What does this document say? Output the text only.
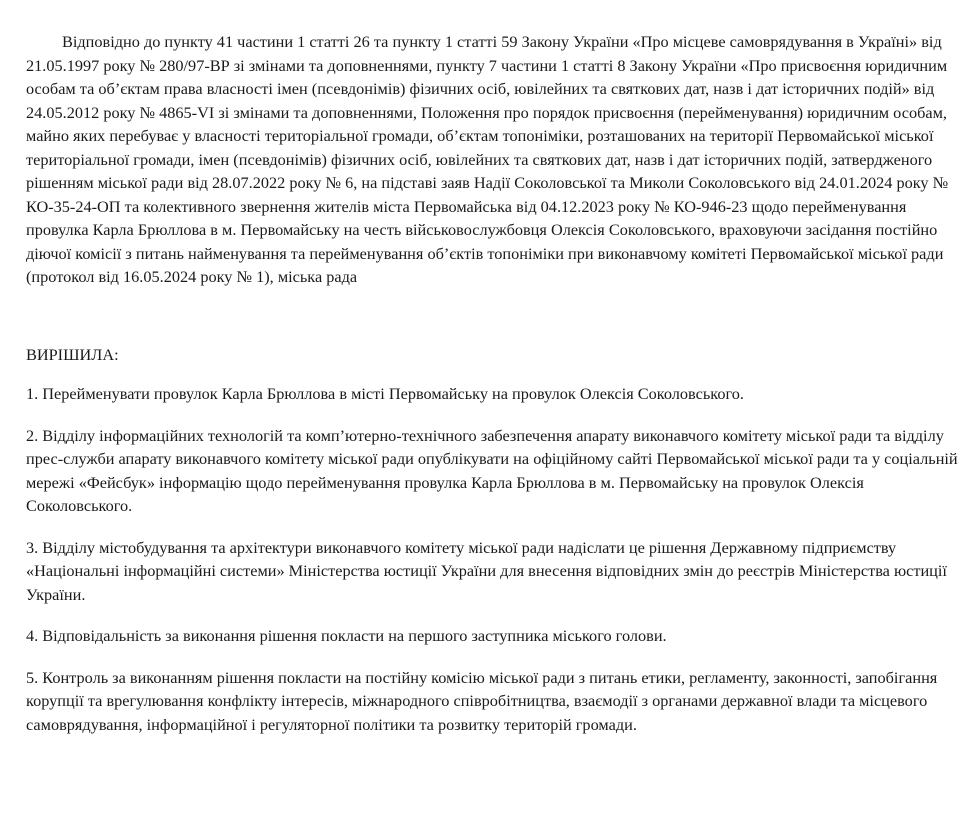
Відповідно до пункту 41 частини 1 статті 26 та пункту 1 статті 59 Закону України «Про місцеве самоврядування в Україні» від 21.05.1997 року № 280/97-ВР зі змінами та доповненнями, пункту 7 частини 1 статті 8 Закону України «Про присвоєння юридичним особам та об’єктам права власності імен (псевдонімів) фізичних осіб, ювілейних та святкових дат, назв і дат історичних подій» від 24.05.2012 року № 4865-VI зі змінами та доповненнями, Положення про порядок присвоєння (перейменування) юридичним особам, майно яких перебуває у власності територіальної громади, об’єктам топоніміки, розташованих на території Первомайської міської територіальної громади, імен (псевдонімів) фізичних осіб, ювілейних та святкових дат, назв і дат історичних подій, затвердженого рішенням міської ради від 28.07.2022 року № 6, на підставі заяв Надії Соколовської та Миколи Соколовського від 24.01.2024 року № КО-35-24-ОП та колективного звернення жителів міста Первомайська від 04.12.2023 року № КО-946-23 щодо перейменування провулка Карла Брюллова в м. Первомайську на честь військовослужбовця Олексія Соколовського, враховуючи засідання постійно діючої комісії з питань найменування та перейменування об’єктів топоніміки при виконавчому комітеті Первомайської міської ради (протокол від 16.05.2024 року № 1), міська рада

ВИРІШИЛА:

1. Перейменувати провулок Карла Брюллова в місті Первомайську на провулок Олексія Соколовського.

2. Відділу інформаційних технологій та комп’ютерно-технічного забезпечення апарату виконавчого комітету міської ради та відділу прес-служби апарату виконавчого комітету міської ради опублікувати на офіційному сайті Первомайської міської ради та у соціальній мережі «Фейсбук» інформацію щодо перейменування провулка Карла Брюллова в м. Первомайську на провулок Олексія Соколовського.

3. Відділу містобудування та архітектури виконавчого комітету міської ради надіслати це рішення Державному підприємству «Національні інформаційні системи» Міністерства юстиції України для внесення відповідних змін до реєстрів Міністерства юстиції України.

4. Відповідальність за виконання рішення покласти на першого заступника міського голови.

5. Контроль за виконанням рішення покласти на постійну комісію міської ради з питань етики, регламенту, законності, запобігання корупції та врегулювання конфлікту інтересів, міжнародного співробітництва, взаємодії з органами державної влади та місцевого самоврядування, інформаційної і регуляторної політики та розвитку територій громади.
